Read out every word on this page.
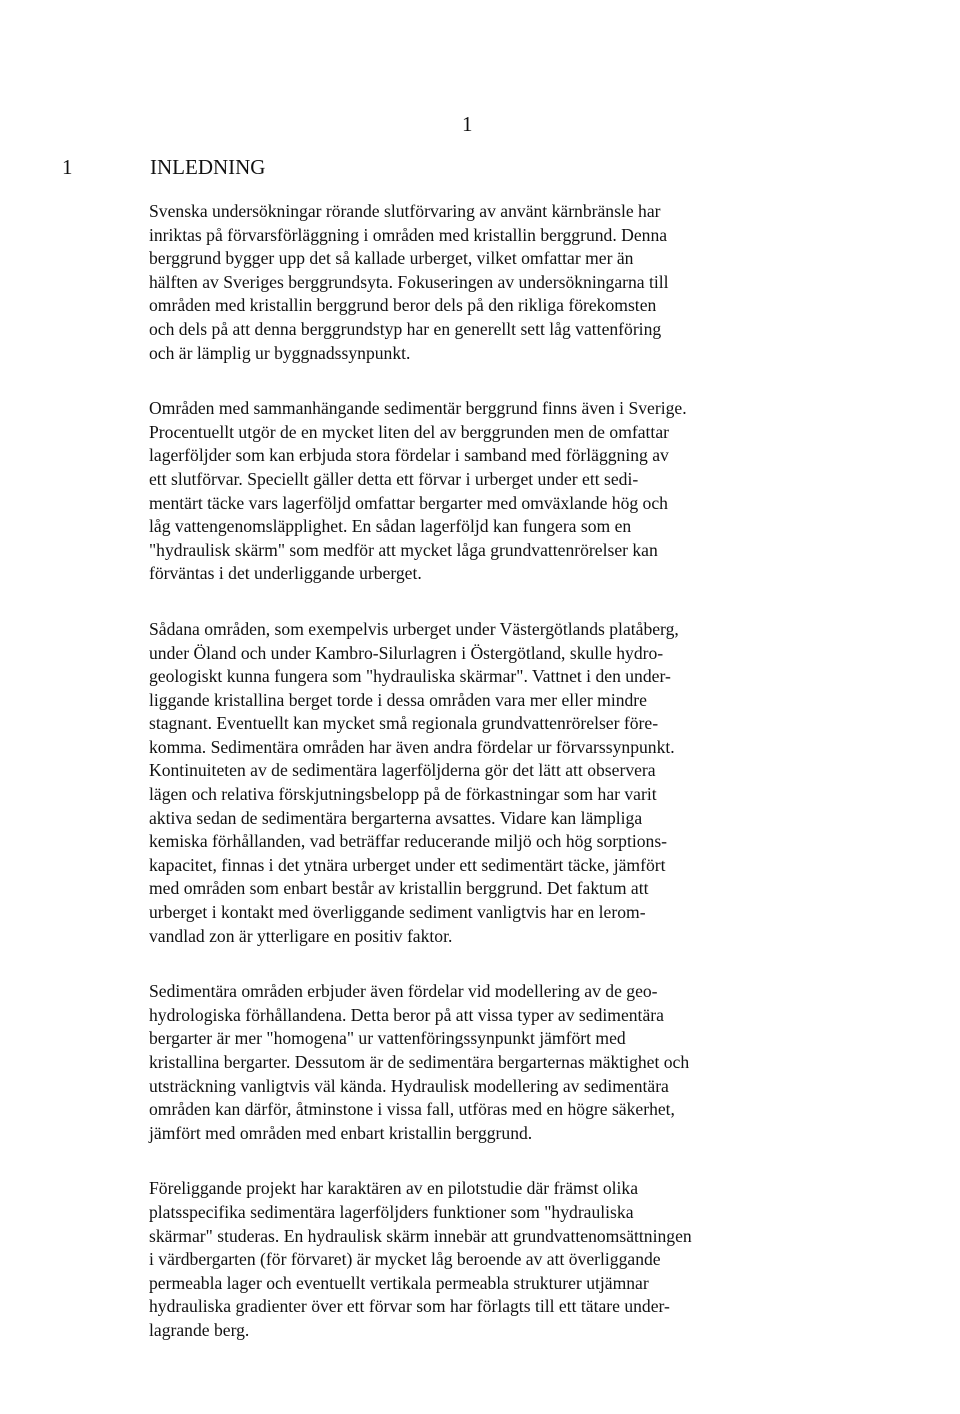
1
1	INLEDNING
Svenska undersökningar rörande slutförvaring av använt kärnbränsle har
inriktas på förvarsförläggning i områden med kristallin berggrund. Denna
berggrund bygger upp det så kallade urberget, vilket omfattar mer än
hälften av Sveriges berggrundsyta. Fokuseringen av undersökningarna till
områden med kristallin berggrund beror dels på den rikliga förekomsten
och dels på att denna berggrundstyp har en generellt sett låg vattenföring
och är lämplig ur byggnadssynpunkt.
Områden med sammanhängande sedimentär berggrund finns även i Sverige.
Procentuellt utgör de en mycket liten del av berggrunden men de omfattar
lagerföljder som kan erbjuda stora fördelar i samband med förläggning av
ett slutförvar. Speciellt gäller detta ett förvar i urberget under ett sedi-
mentärt täcke vars lagerföljd omfattar bergarter med omväxlande hög och
låg vattengenomsläpplighet. En sådan lagerföljd kan fungera som en
"hydraulisk skärm" som medför att mycket låga grundvattenrörelser kan
förväntas i det underliggande urberget.
Sådana områden, som exempelvis urberget under Västergötlands platåberg,
under Öland och under Kambro-Silurlagren i Östergötland, skulle hydro-
geologiskt kunna fungera som "hydrauliska skärmar". Vattnet i den under-
liggande kristallina berget torde i dessa områden vara mer eller mindre
stagnant. Eventuellt kan mycket små regionala grundvattenrörelser före-
komma. Sedimentära områden har även andra fördelar ur förvarssynpunkt.
Kontinuiteten av de sedimentära lagerföljderna gör det lätt att observera
lägen och relativa förskjutningsbelopp på de förkastningar som har varit
aktiva sedan de sedimentära bergarterna avsattes. Vidare kan lämpliga
kemiska förhållanden, vad beträffar reducerande miljö och hög sorptions-
kapacitet, finnas i det ytnära urberget under ett sedimentärt täcke, jämfört
med områden som enbart består av kristallin berggrund. Det faktum att
urberget i kontakt med överliggande sediment vanligtvis har en lerom-
vandlad zon är ytterligare en positiv faktor.
Sedimentära områden erbjuder även fördelar vid modellering av de geo-
hydrologiska förhållandena. Detta beror på att vissa typer av sedimentära
bergarter är mer "homogena" ur vattenföringssynpunkt jämfört med
kristallina bergarter. Dessutom är de sedimentära bergarternas mäktighet och
utsträckning vanligtvis väl kända. Hydraulisk modellering av sedimentära
områden kan därför, åtminstone i vissa fall, utföras med en högre säkerhet,
jämfört med områden med enbart kristallin berggrund.
Föreliggande projekt har karaktären av en pilotstudie där främst olika
platsspecifika sedimentära lagerföljders funktioner som "hydrauliska
skärmar" studeras. En hydraulisk skärm innebär att grundvattenomsättningen
i värdbergarten (för förvaret) är mycket låg beroende av att överliggande
permeabla lager och eventuellt vertikala permeabla strukturer utjämnar
hydrauliska gradienter över ett förvar som har förlagts till ett tätare under-
lagrande berg.
